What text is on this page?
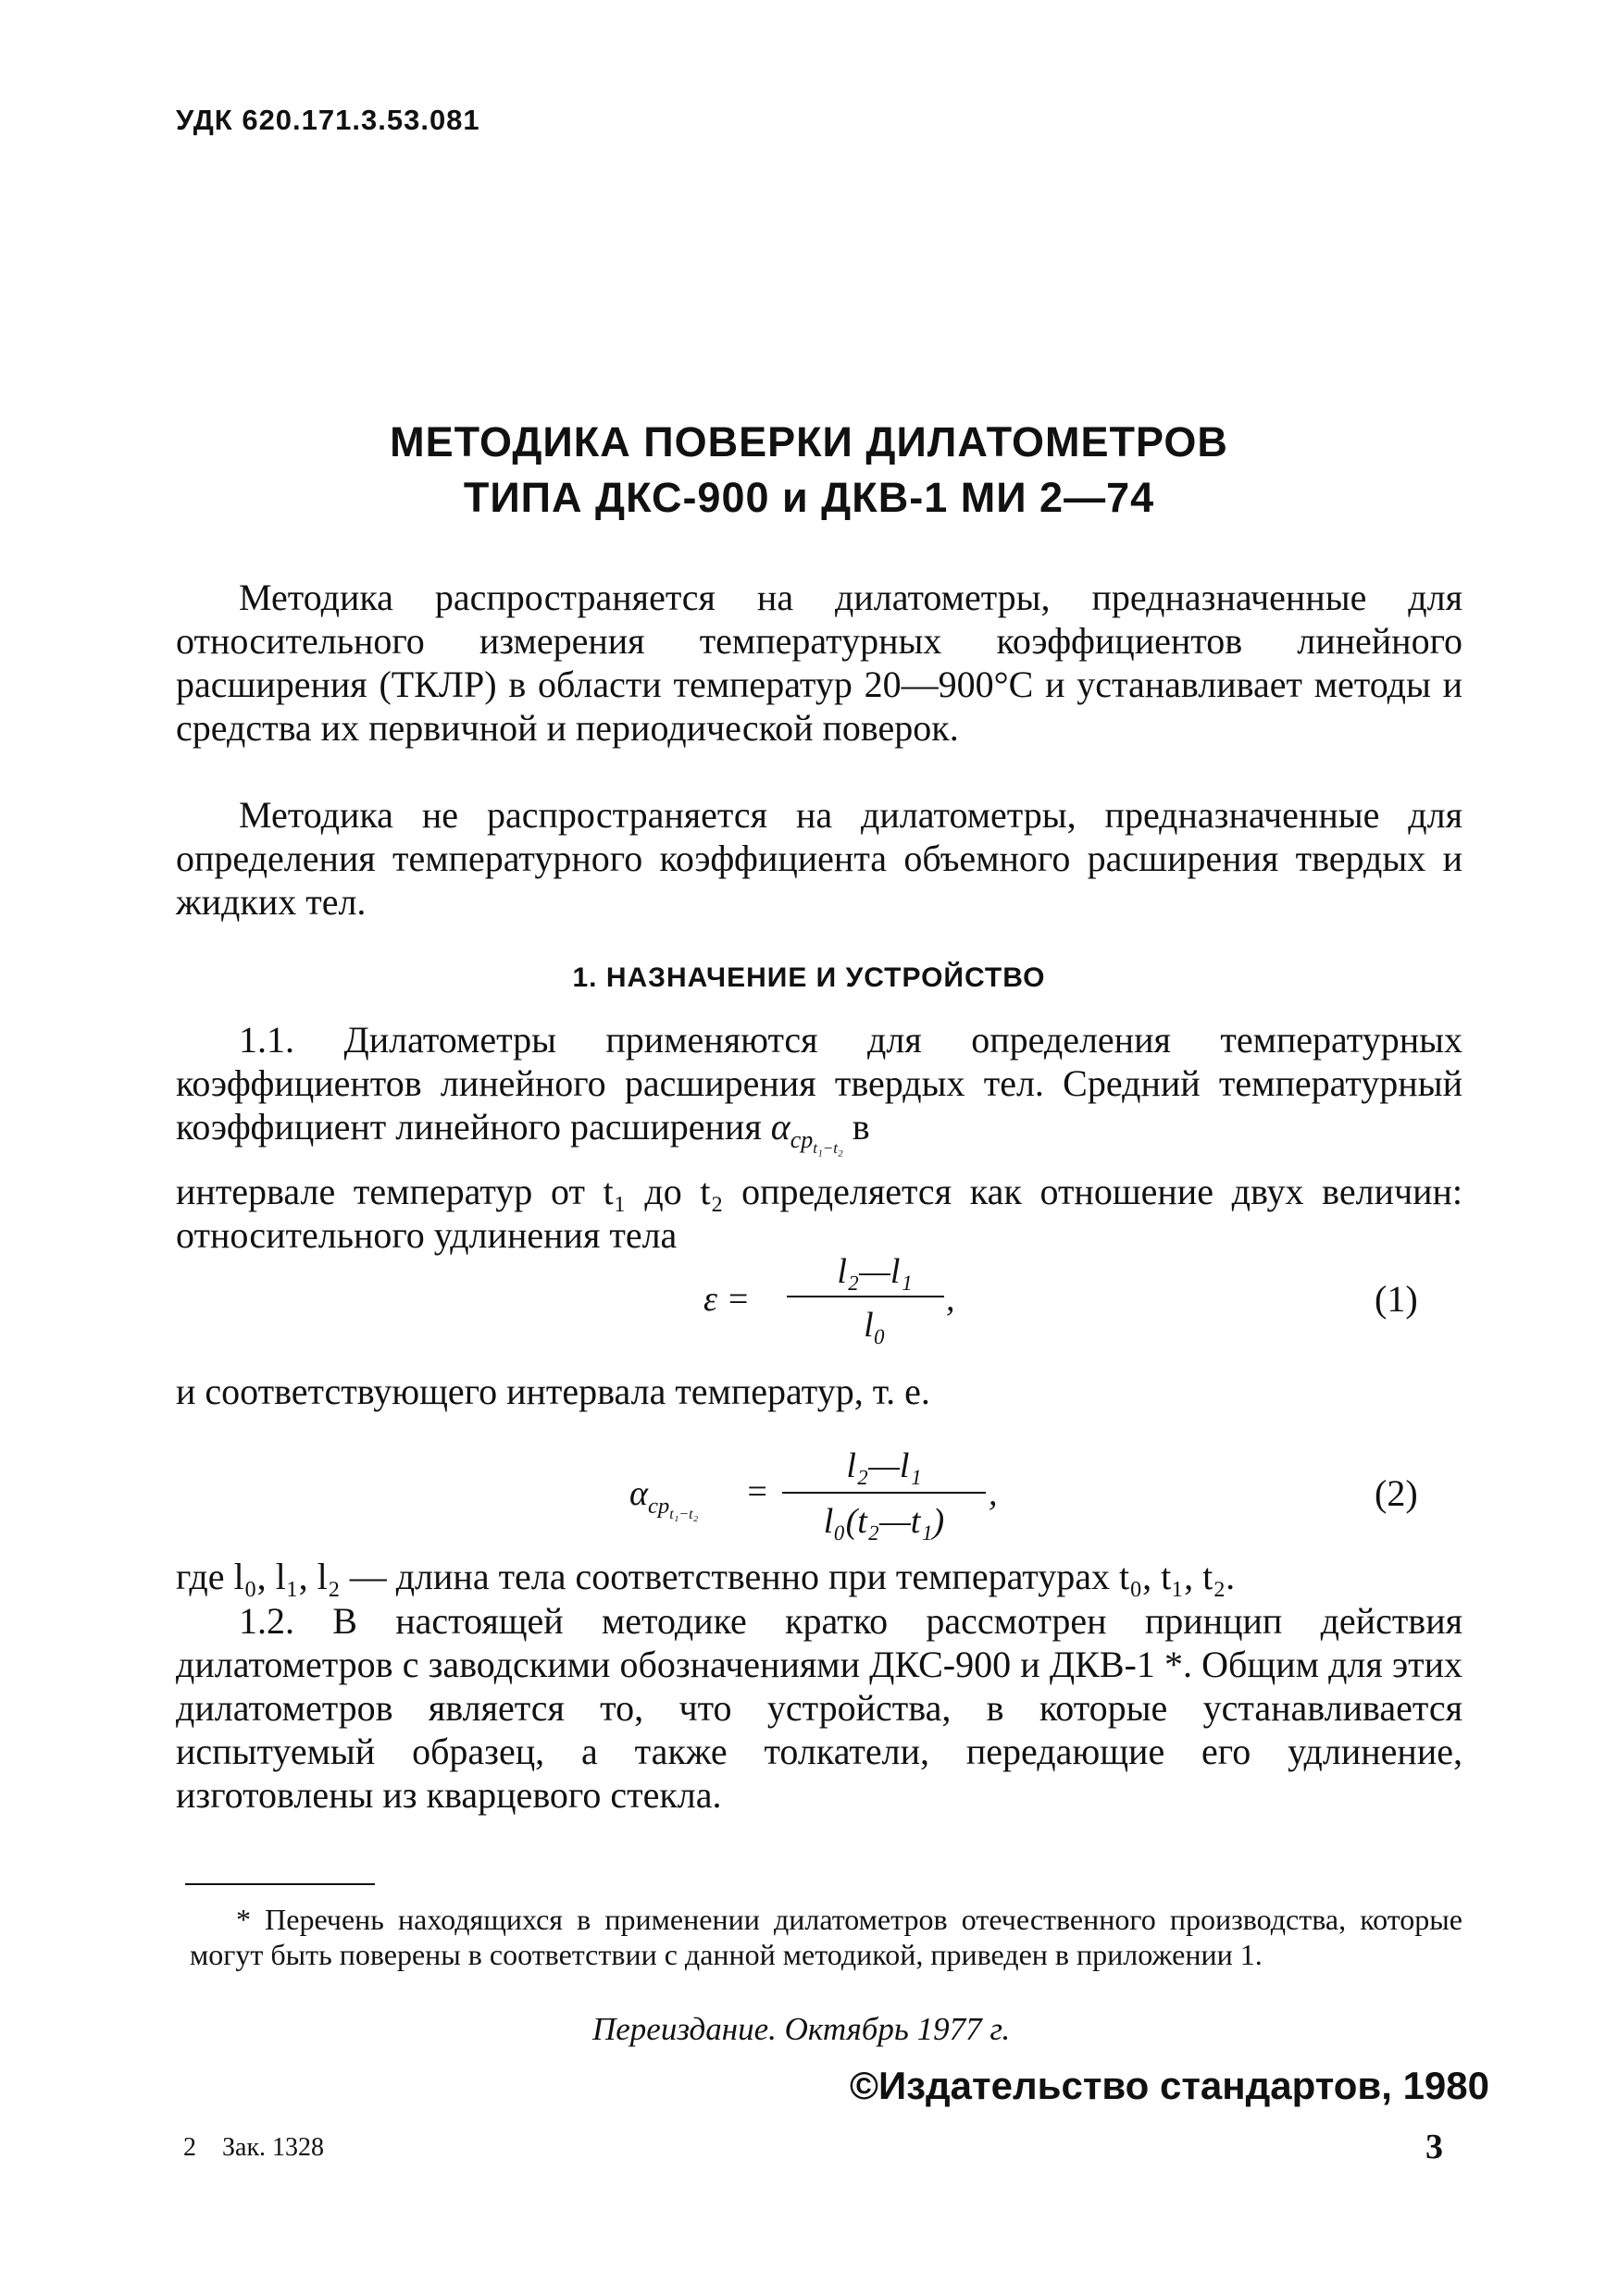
УДК 620.171.3.53.081
МЕТОДИКА ПОВЕРКИ ДИЛАТОМЕТРОВ
ТИПА ДКС-900 и ДКВ-1 МИ 2—74

Методика распространяется на дилатометры, предназначенные для относительного измерения температурных коэффициентов линейного расширения (ТКЛР) в области температур 20—900°С и устанавливает методы и средства их первичной и периодической поверок.

Методика не распространяется на дилатометры, предназначенные для определения температурного коэффициента объемного расширения твердых и жидких тел.

1. НАЗНАЧЕНИЕ И УСТРОЙСТВО
1.1. Дилатометры применяются для определения температурных коэффициентов линейного расширения твердых тел. Средний температурный коэффициент линейного расширения $\alpha_{ср_{t_1-t_2}}$ в
интервале температур от t₁ до t₂ определяется как отношение двух величин: относительного удлинения тела
ε =
l₂—l₁
l₀
,	(1)

и соответствующего интервала температур, т. е.

$\alpha_{ср_{t_1-t_2}}$
=
l₂—l₁
l₀(t₂—t₁)
,	(2)

где l₀, l₁, l₂ — длина тела соответственно при температурах t₀, t₁, t₂.

1.2. В настоящей методике кратко рассмотрен принцип действия дилатометров с заводскими обозначениями ДКС-900 и ДКВ-1 *. Общим для этих дилатометров является то, что устройства, в которые устанавливается испытуемый образец, а также толкатели, передающие его удлинение, изготовлены из кварцевого стекла.

* Перечень находящихся в применении дилатометров отечественного производства, которые могут быть поверены в соответствии с данной методикой, приведен в приложении 1.

Переиздание. Октябрь 1977 г.
©Издательство стандартов, 1980
2    Зак. 1328	3
